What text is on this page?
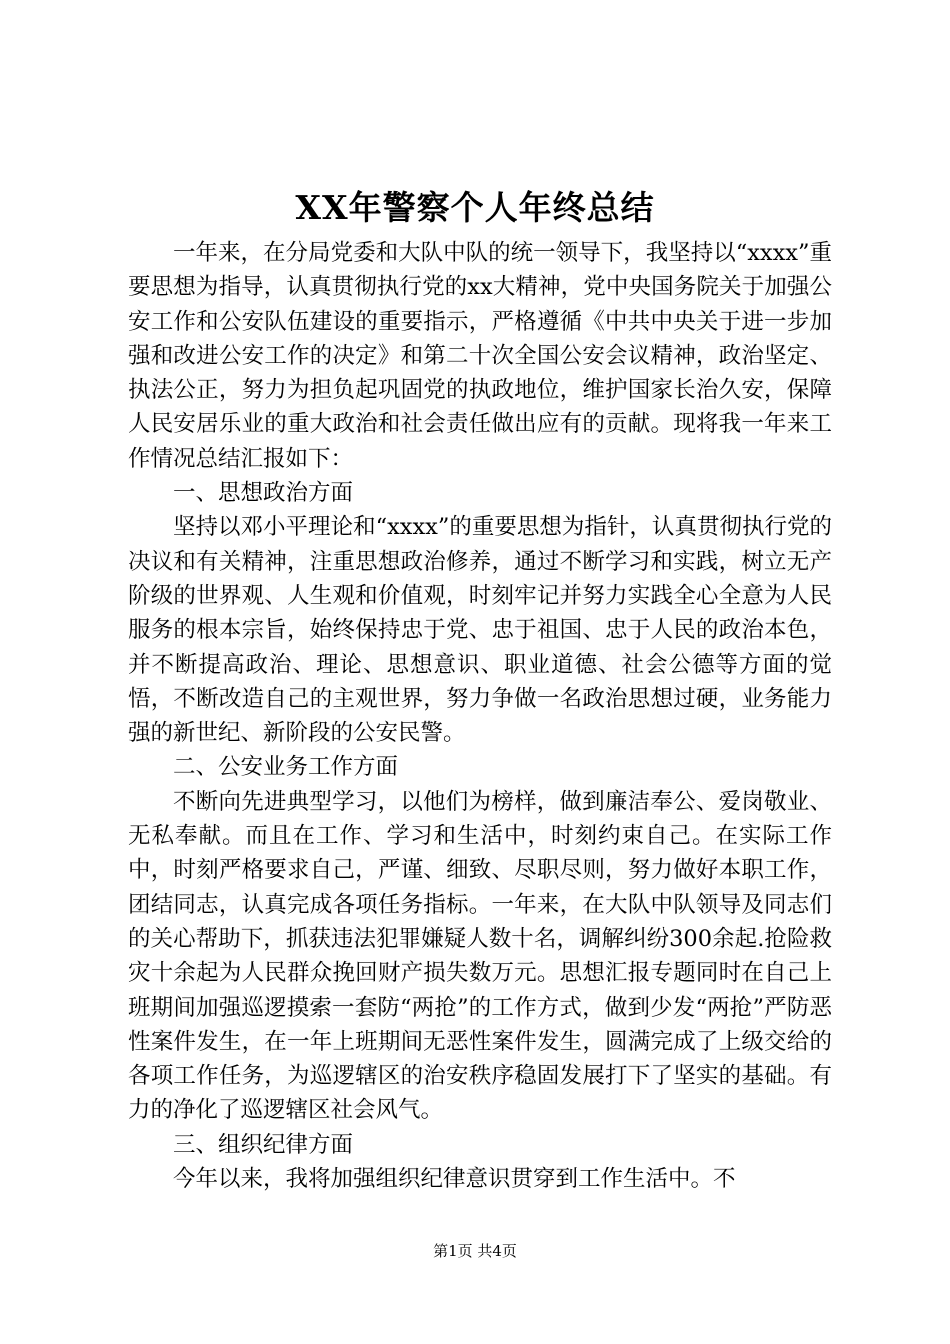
XX年警察个人年终总结

一年来，在分局党委和大队中队的统一领导下，我坚持以“xxxx”重要思想为指导，认真贯彻执行党的xx大精神，党中央国务院关于加强公安工作和公安队伍建设的重要指示，严格遵循《中共中央关于进一步加强和改进公安工作的决定》和第二十次全国公安会议精神，政治坚定、执法公正，努力为担负起巩固党的执政地位，维护国家长治久安，保障人民安居乐业的重大政治和社会责任做出应有的贡献。现将我一年来工作情况总结汇报如下：

一、思想政治方面

坚持以邓小平理论和“xxxx”的重要思想为指针，认真贯彻执行党的决议和有关精神，注重思想政治修养，通过不断学习和实践，树立无产阶级的世界观、人生观和价值观，时刻牢记并努力实践全心全意为人民服务的根本宗旨，始终保持忠于党、忠于祖国、忠于人民的政治本色，并不断提高政治、理论、思想意识、职业道德、社会公德等方面的觉悟，不断改造自己的主观世界，努力争做一名政治思想过硬，业务能力强的新世纪、新阶段的公安民警。

二、公安业务工作方面

不断向先进典型学习，以他们为榜样，做到廉洁奉公、爱岗敬业、无私奉献。而且在工作、学习和生活中，时刻约束自己。在实际工作中，时刻严格要求自己，严谨、细致、尽职尽则，努力做好本职工作，团结同志，认真完成各项任务指标。一年来，在大队中队领导及同志们的关心帮助下，抓获违法犯罪嫌疑人数十名，调解纠纷300余起.抢险救灾十余起为人民群众挽回财产损失数万元。思想汇报专题同时在自己上班期间加强巡逻摸索一套防“两抢”的工作方式，做到少发“两抢”严防恶性案件发生，在一年上班期间无恶性案件发生，圆满完成了上级交给的各项工作任务，为巡逻辖区的治安秩序稳固发展打下了坚实的基础。有力的净化了巡逻辖区社会风气。

三、组织纪律方面

今年以来，我将加强组织纪律意识贯穿到工作生活中。不

第1页 共4页
